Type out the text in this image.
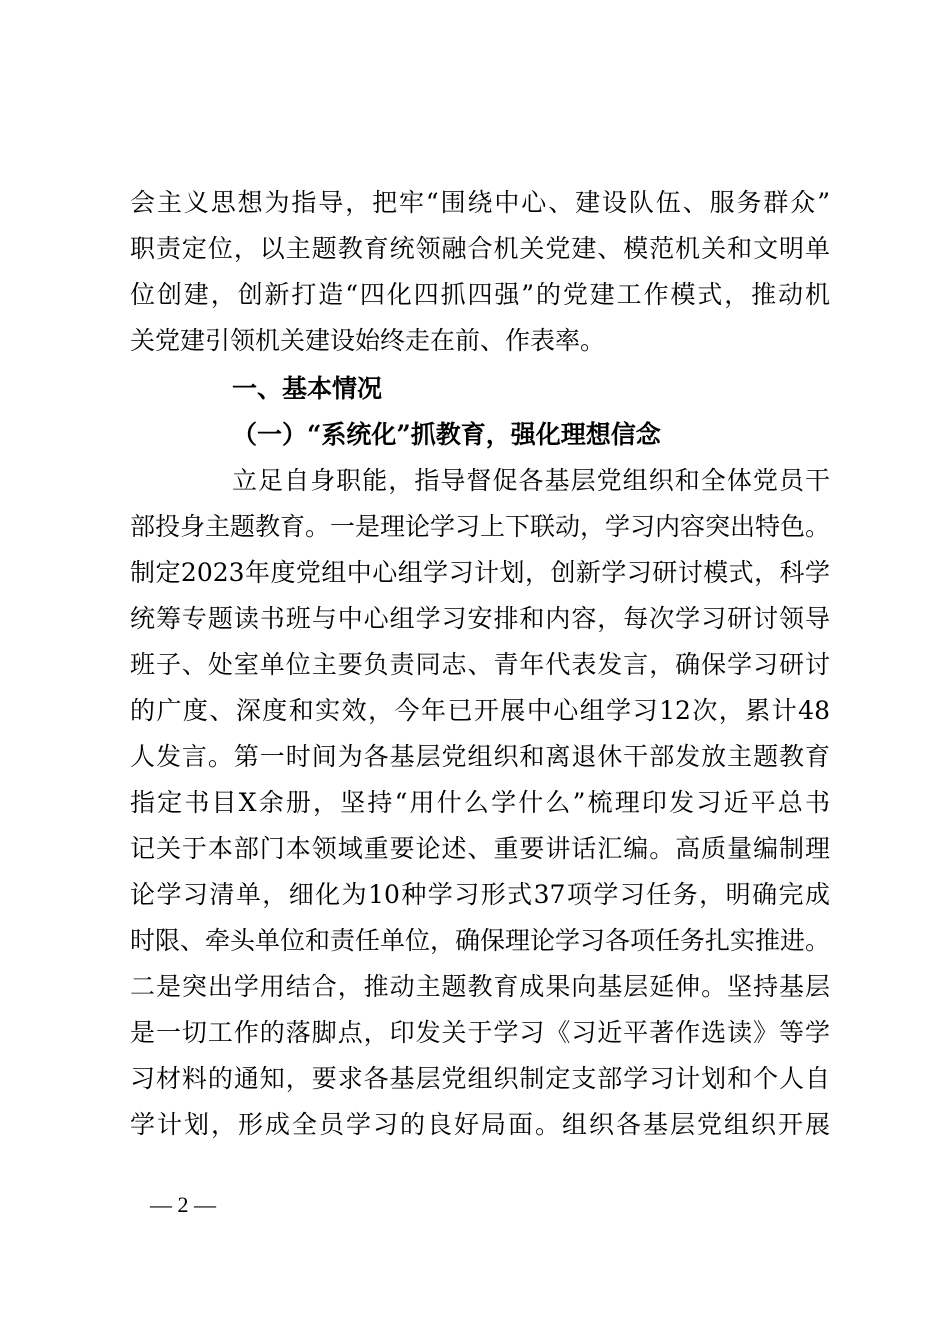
会主义思想为指导，把牢“围绕中心、建设队伍、服务群众”
职责定位，以主题教育统领融合机关党建、模范机关和文明单
位创建，创新打造“四化四抓四强”的党建工作模式，推动机
关党建引领机关建设始终走在前、作表率。
一、基本情况
（一）“系统化”抓教育，强化理想信念
立足自身职能，指导督促各基层党组织和全体党员干
部投身主题教育。一是理论学习上下联动，学习内容突出特色。
制定2023年度党组中心组学习计划，创新学习研讨模式，科学
统筹专题读书班与中心组学习安排和内容，每次学习研讨领导
班子、处室单位主要负责同志、青年代表发言，确保学习研讨
的广度、深度和实效，今年已开展中心组学习12次，累计48
人发言。第一时间为各基层党组织和离退休干部发放主题教育
指定书目X余册，坚持“用什么学什么”梳理印发习近平总书
记关于本部门本领域重要论述、重要讲话汇编。高质量编制理
论学习清单，细化为10种学习形式37项学习任务，明确完成
时限、牵头单位和责任单位，确保理论学习各项任务扎实推进。
二是突出学用结合，推动主题教育成果向基层延伸。坚持基层
是一切工作的落脚点，印发关于学习《习近平著作选读》等学
习材料的通知，要求各基层党组织制定支部学习计划和个人自
学计划，形成全员学习的良好局面。组织各基层党组织开展
— 2 —
